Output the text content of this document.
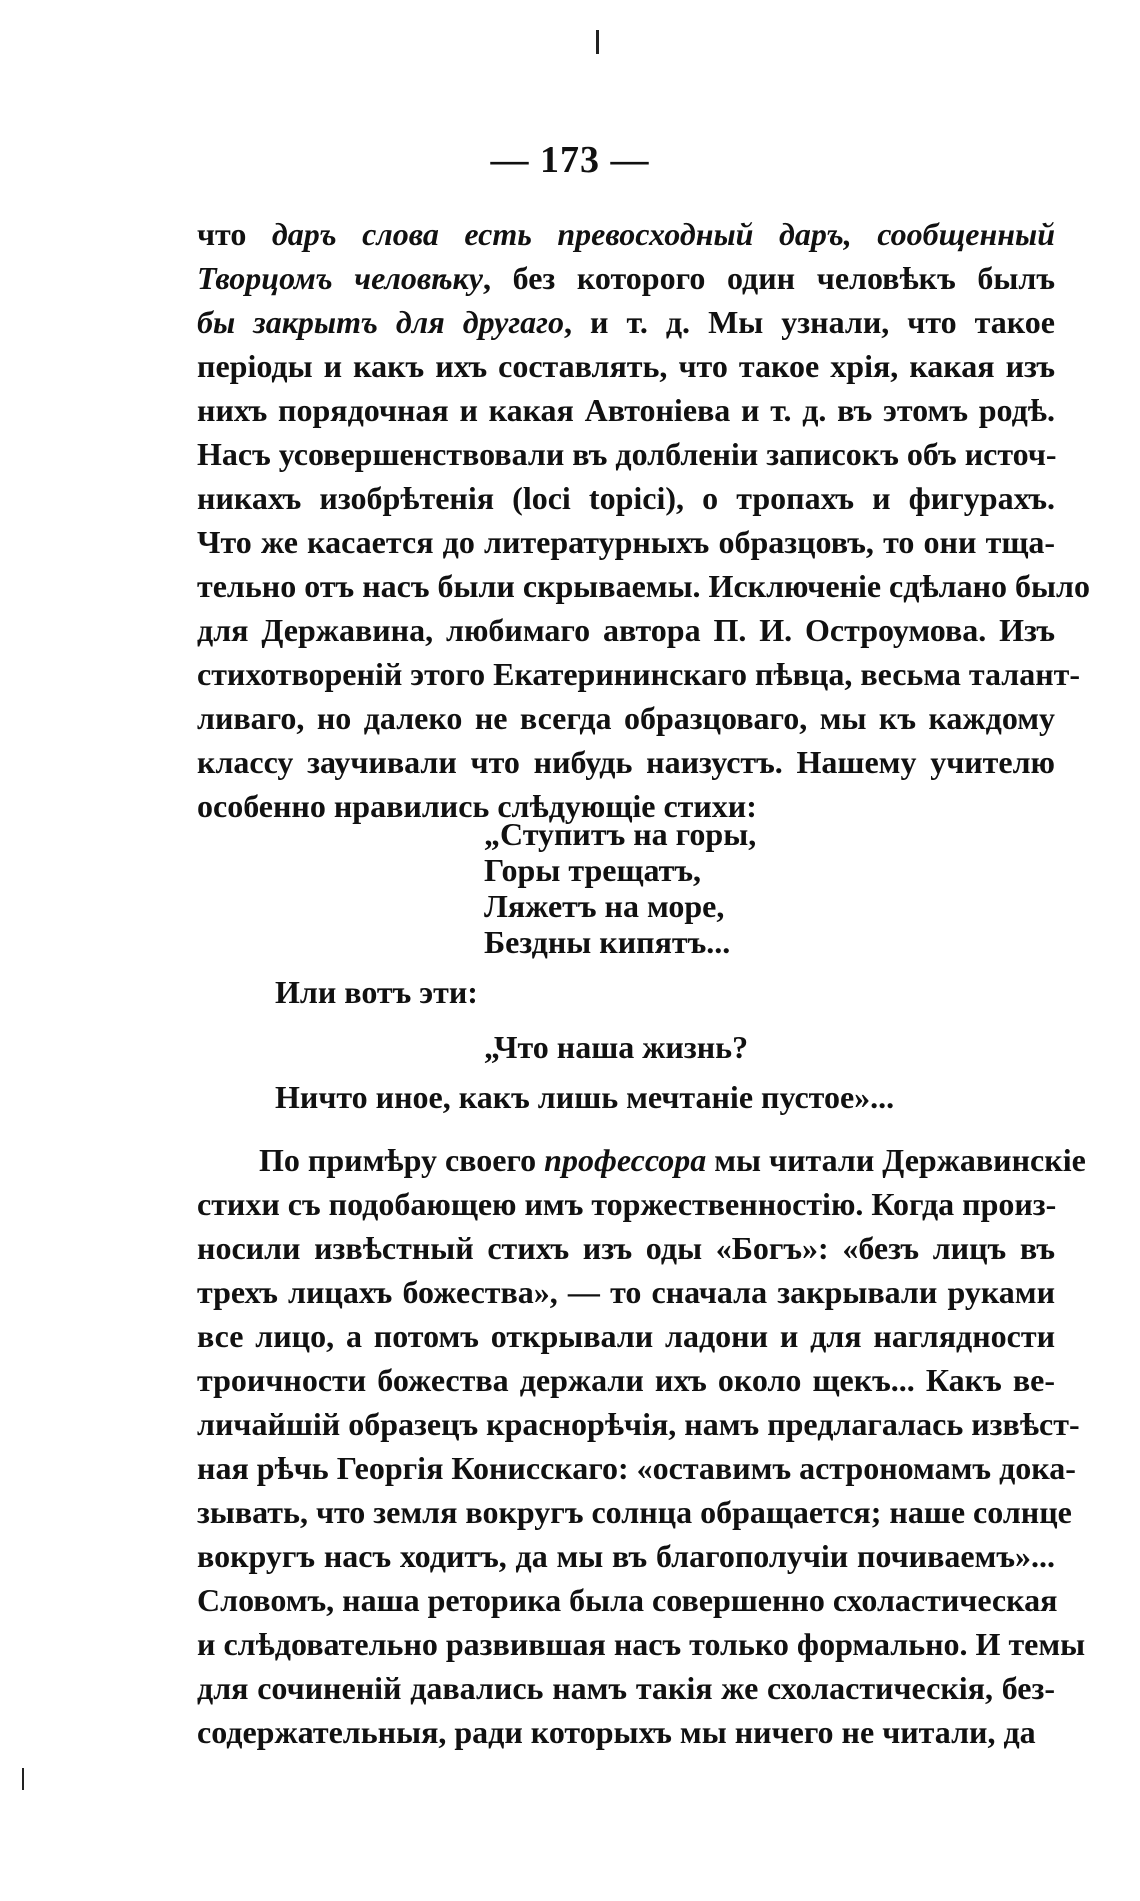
— 173 —
что даръ слова есть превосходный даръ, сообщенный
Творцомъ человѣку, без которого один человѣкъ былъ
бы закрытъ для другаго, и т. д. Мы узнали, что такое
періоды и какъ ихъ составлять, что такое хрія, какая изъ
нихъ порядочная и какая Автоніева и т. д. въ этомъ родѣ.
Насъ усовершенствовали въ долбленіи записокъ объ источ-
никахъ изобрѣтенія (loci topici), о тропахъ и фигурахъ.
Что же касается до литературныхъ образцовъ, то они тща-
тельно отъ насъ были скрываемы. Исключеніе сдѣлано было
для Державина, любимаго автора П. И. Остроумова. Изъ
стихотвореній этого Екатерининскаго пѣвца, весьма талант-
ливаго, но далеко не всегда образцоваго, мы къ каждому
классу заучивали что нибудь наизустъ. Нашему учителю
особенно нравились слѣдующіе стихи:
„Ступитъ на горы,
Горы трещатъ,
Ляжетъ на море,
Бездны кипятъ...
Или вотъ эти:
„Что наша жизнь?
Ничто иное, какъ лишь мечтаніе пустое»...
По примѣру своего профессора мы читали Державинскіе
стихи съ подобающею имъ торжественностію. Когда произ-
носили извѣстный стихъ изъ оды «Богъ»: «безъ лицъ въ
трехъ лицахъ божества», — то сначала закрывали руками
все лицо, а потомъ открывали ладони и для наглядности
троичности божества держали ихъ около щекъ... Какъ ве-
личайшій образецъ краснорѣчія, намъ предлагалась извѣст-
ная рѣчь Георгія Конисскаго: «оставимъ астрономамъ дока-
зывать, что земля вокругъ солнца обращается; наше солнце
вокругъ насъ ходитъ, да мы въ благополучіи почиваемъ»...
Словомъ, наша реторика была совершенно схоластическая
и слѣдовательно развившая насъ только формально. И темы
для сочиненій давались намъ такія же схоластическія, без-
содержательныя, ради которыхъ мы ничего не читали, да
